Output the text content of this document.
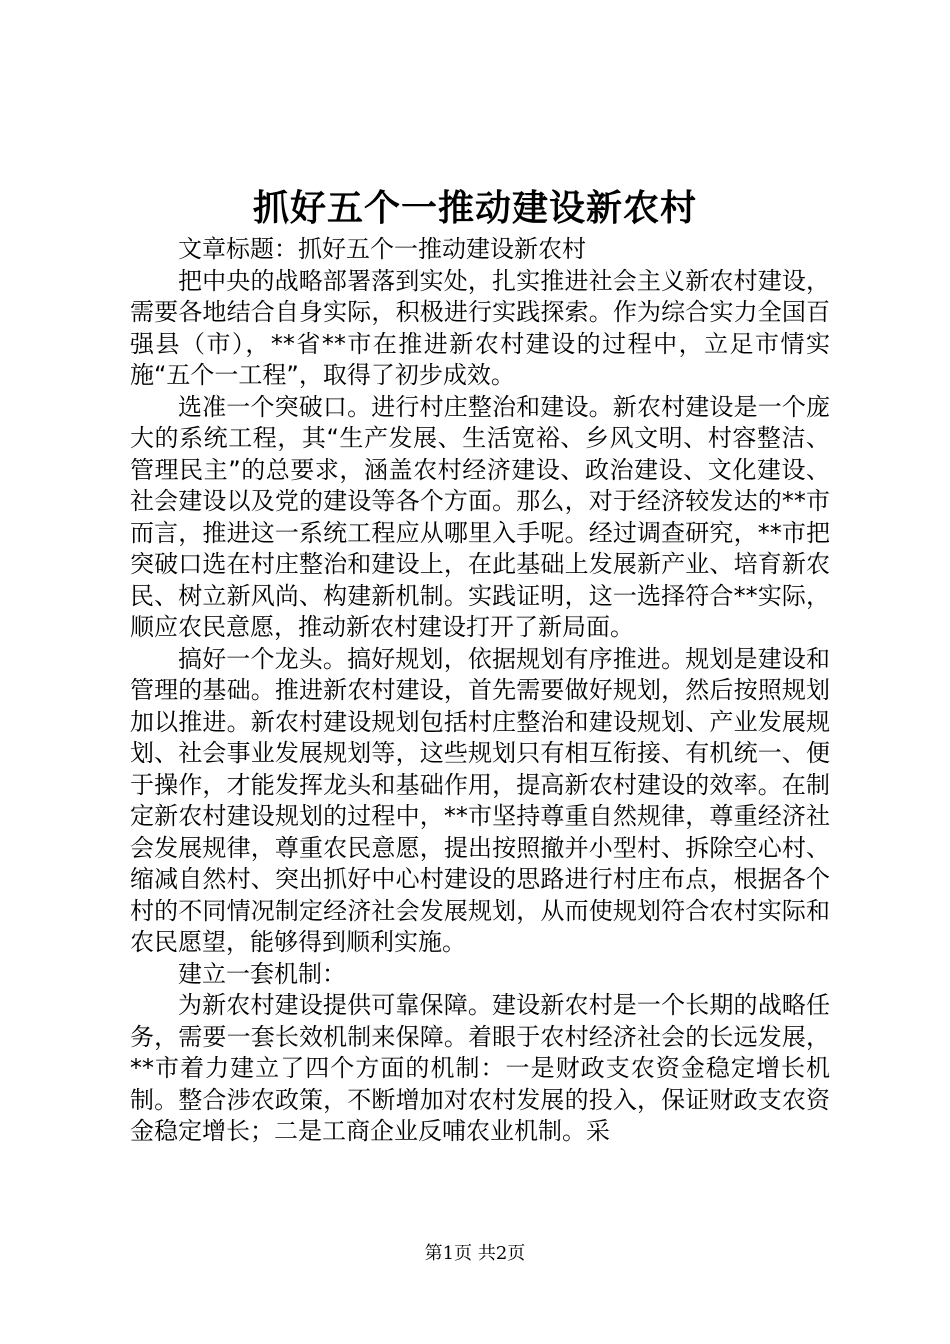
抓好五个一推动建设新农村

文章标题：抓好五个一推动建设新农村

把中央的战略部署落到实处，扎实推进社会主义新农村建设，需要各地结合自身实际，积极进行实践探索。作为综合实力全国百强县（市），**省**市在推进新农村建设的过程中，立足市情实施“五个一工程”，取得了初步成效。

选准一个突破口。进行村庄整治和建设。新农村建设是一个庞大的系统工程，其“生产发展、生活宽裕、乡风文明、村容整洁、管理民主”的总要求，涵盖农村经济建设、政治建设、文化建设、社会建设以及党的建设等各个方面。那么，对于经济较发达的**市而言，推进这一系统工程应从哪里入手呢。经过调查研究，**市把突破口选在村庄整治和建设上，在此基础上发展新产业、培育新农民、树立新风尚、构建新机制。实践证明，这一选择符合**实际，顺应农民意愿，推动新农村建设打开了新局面。

搞好一个龙头。搞好规划，依据规划有序推进。规划是建设和管理的基础。推进新农村建设，首先需要做好规划，然后按照规划加以推进。新农村建设规划包括村庄整治和建设规划、产业发展规划、社会事业发展规划等，这些规划只有相互衔接、有机统一、便于操作，才能发挥龙头和基础作用，提高新农村建设的效率。在制定新农村建设规划的过程中，**市坚持尊重自然规律，尊重经济社会发展规律，尊重农民意愿，提出按照撤并小型村、拆除空心村、缩减自然村、突出抓好中心村建设的思路进行村庄布点，根据各个村的不同情况制定经济社会发展规划，从而使规划符合农村实际和农民愿望，能够得到顺利实施。

建立一套机制：

为新农村建设提供可靠保障。建设新农村是一个长期的战略任务，需要一套长效机制来保障。着眼于农村经济社会的长远发展，**市着力建立了四个方面的机制：一是财政支农资金稳定增长机制。整合涉农政策，不断增加对农村发展的投入，保证财政支农资金稳定增长；二是工商企业反哺农业机制。采

第1页 共2页
